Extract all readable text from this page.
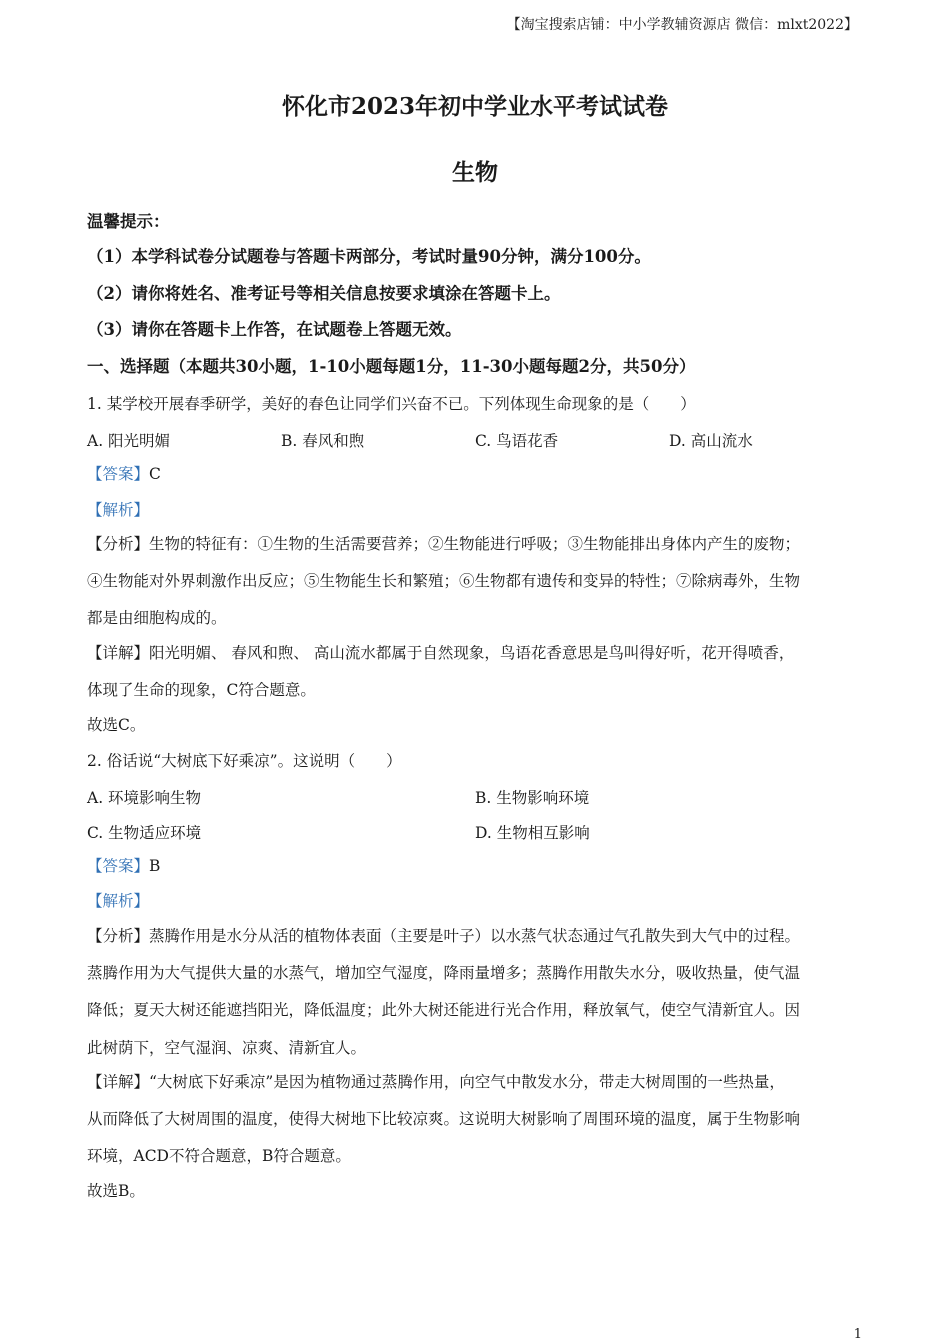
【淘宝搜索店铺：中小学教辅资源店 微信：mlxt2022】
怀化市2023年初中学业水平考试试卷
生物
温馨提示：
（1）本学科试卷分试题卷与答题卡两部分，考试时量90分钟，满分100分。
（2）请你将姓名、准考证号等相关信息按要求填涂在答题卡上。
（3）请你在答题卡上作答，在试题卷上答题无效。
一、选择题（本题共30小题，1-10小题每题1分，11-30小题每题2分，共50分）
1. 某学校开展春季研学，美好的春色让同学们兴奋不已。下列体现生命现象的是（　　）
A. 阳光明媚	B. 春风和煦	C. 鸟语花香	D. 高山流水
【答案】C
【解析】
【分析】生物的特征有：①生物的生活需要营养；②生物能进行呼吸；③生物能排出身体内产生的废物；
④生物能对外界刺激作出反应；⑤生物能生长和繁殖；⑥生物都有遗传和变异的特性；⑦除病毒外，生物
都是由细胞构成的。
【详解】阳光明媚、 春风和煦、 高山流水都属于自然现象，鸟语花香意思是鸟叫得好听，花开得喷香，
体现了生命的现象，C符合题意。
故选C。
2. 俗话说“大树底下好乘凉”。这说明（　　）
A. 环境影响生物	B. 生物影响环境
C. 生物适应环境	D. 生物相互影响
【答案】B
【解析】
【分析】蒸腾作用是水分从活的植物体表面（主要是叶子）以水蒸气状态通过气孔散失到大气中的过程。
蒸腾作用为大气提供大量的水蒸气，增加空气湿度，降雨量增多；蒸腾作用散失水分，吸收热量，使气温
降低；夏天大树还能遮挡阳光，降低温度；此外大树还能进行光合作用，释放氧气，使空气清新宜人。因
此树荫下，空气湿润、凉爽、清新宜人。
【详解】“大树底下好乘凉”是因为植物通过蒸腾作用，向空气中散发水分，带走大树周围的一些热量，
从而降低了大树周围的温度，使得大树地下比较凉爽。这说明大树影响了周围环境的温度，属于生物影响
环境，ACD不符合题意，B符合题意。
故选B。
1
